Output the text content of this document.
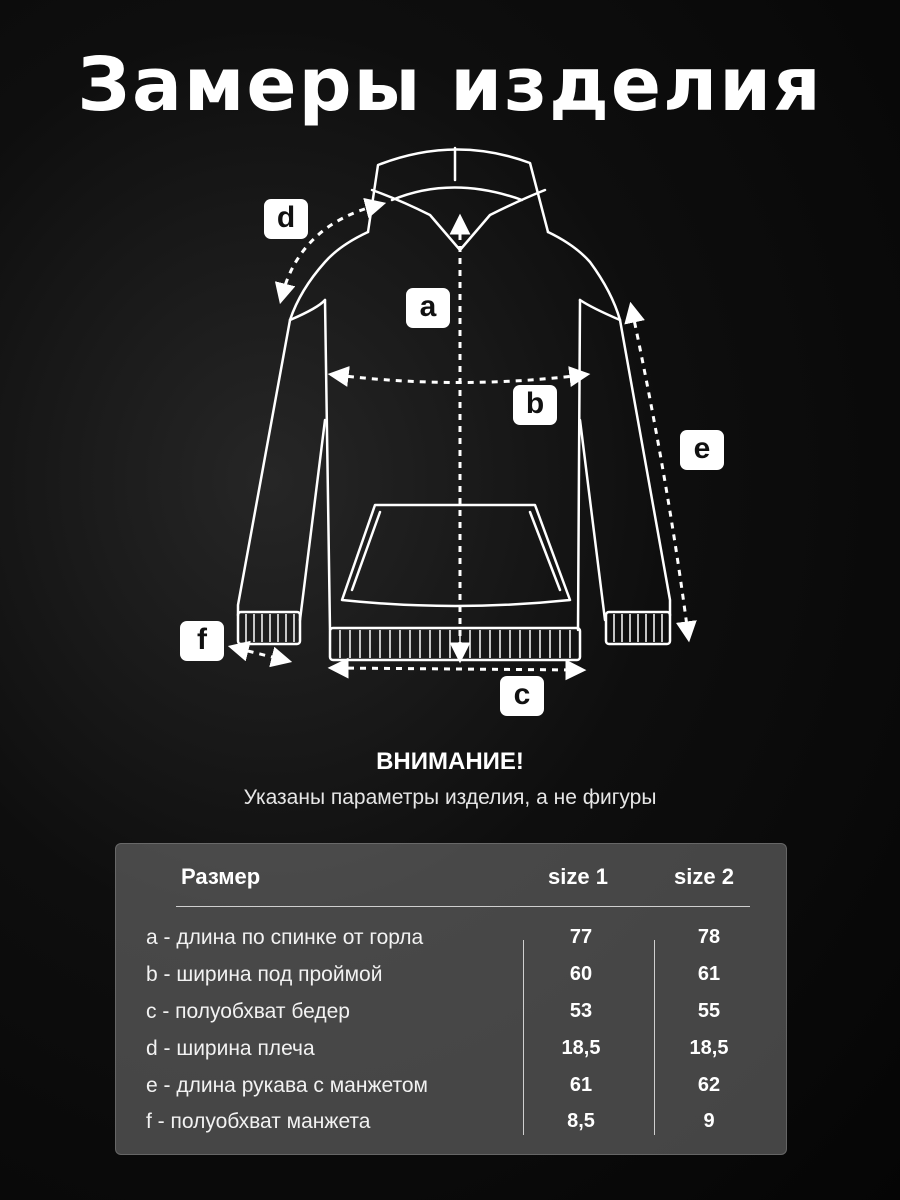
Замеры изделия
a
b
c
d
e
f
ВНИМАНИЕ!
Указаны параметры изделия, а не фигуры
Размер	size 1	size 2
a - длина по спинке от горла	77	78
b - ширина под проймой	60	61
c - полуобхват бедер	53	55
d - ширина плеча	18,5	18,5
e - длина рукава с манжетом	61	62
f - полуобхват манжета	8,5	9
